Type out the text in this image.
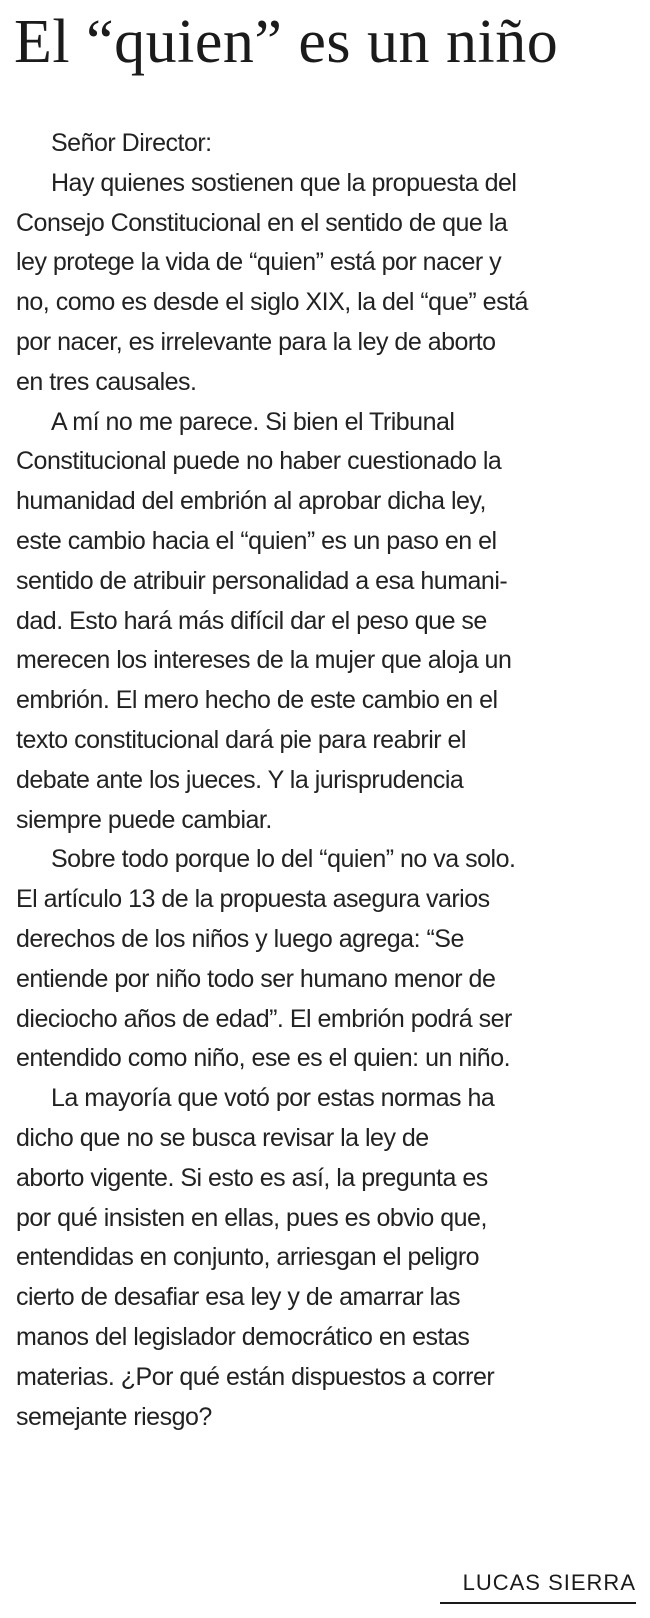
El “quien” es un niño

Señor Director:

Hay quienes sostienen que la propuesta del
Consejo Constitucional en el sentido de que la
ley protege la vida de “quien” está por nacer y
no, como es desde el siglo XIX, la del “que” está
por nacer, es irrelevante para la ley de aborto
en tres causales.

A mí no me parece. Si bien el Tribunal
Constitucional puede no haber cuestionado la
humanidad del embrión al aprobar dicha ley,
este cambio hacia el “quien” es un paso en el
sentido de atribuir personalidad a esa humani-
dad. Esto hará más difícil dar el peso que se
merecen los intereses de la mujer que aloja un
embrión. El mero hecho de este cambio en el
texto constitucional dará pie para reabrir el
debate ante los jueces. Y la jurisprudencia
siempre puede cambiar.

Sobre todo porque lo del “quien” no va solo.
El artículo 13 de la propuesta asegura varios
derechos de los niños y luego agrega: “Se
entiende por niño todo ser humano menor de
dieciocho años de edad”. El embrión podrá ser
entendido como niño, ese es el quien: un niño.

La mayoría que votó por estas normas ha
dicho que no se busca revisar la ley de
aborto vigente. Si esto es así, la pregunta es
por qué insisten en ellas, pues es obvio que,
entendidas en conjunto, arriesgan el peligro
cierto de desafiar esa ley y de amarrar las
manos del legislador democrático en estas
materias. ¿Por qué están dispuestos a correr
semejante riesgo?

LUCAS SIERRA
